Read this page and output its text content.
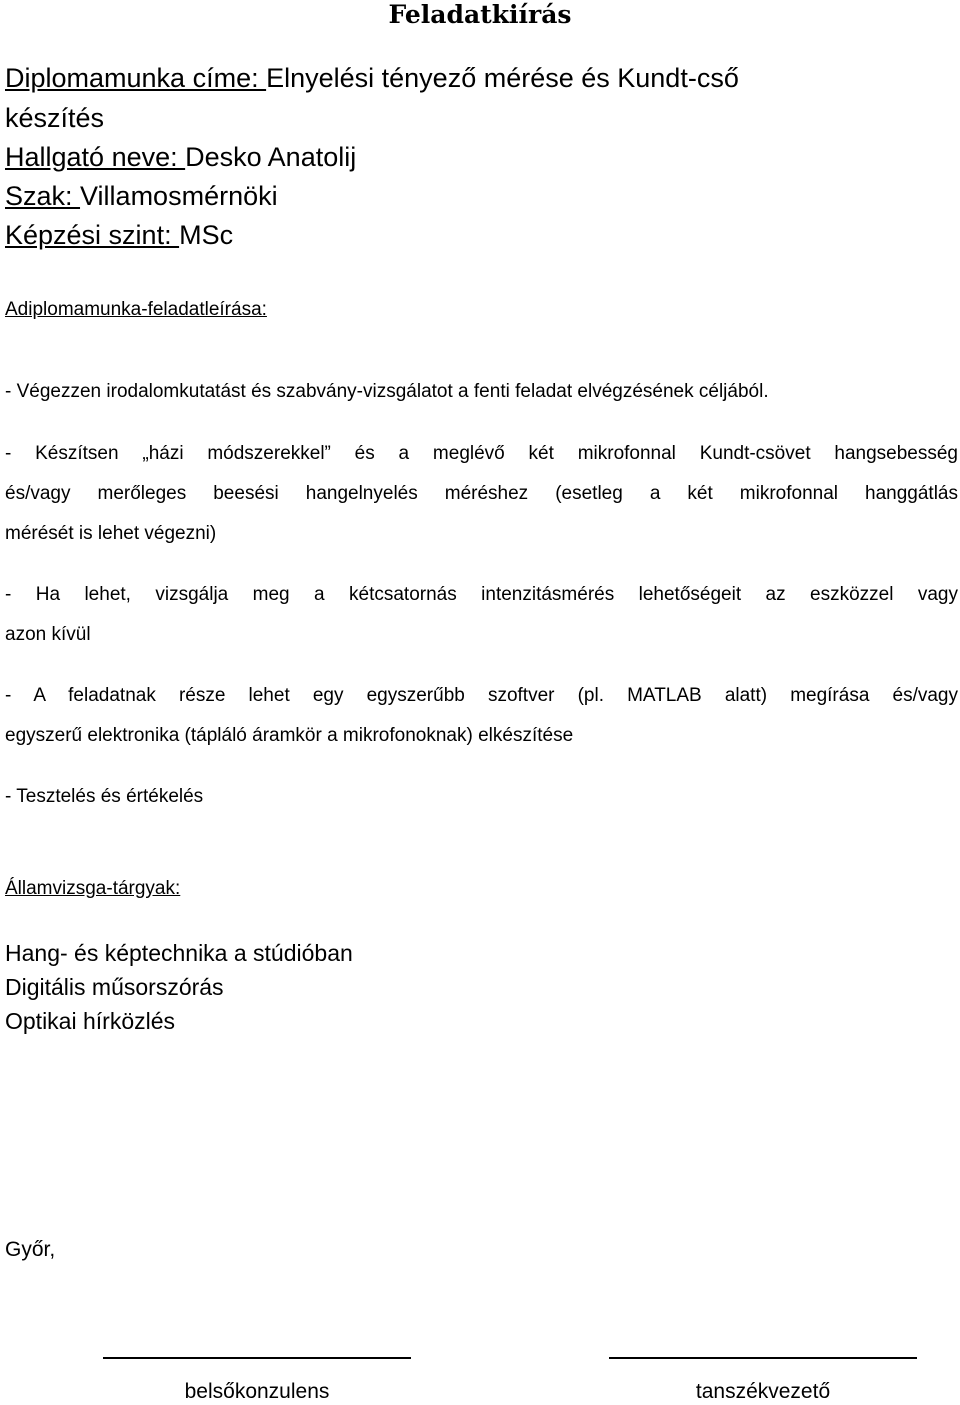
Feladatkiírás
Diplomamunka címe: Elnyelési tényező mérése és Kundt-cső
készítés
Hallgató neve: Desko Anatolij
Szak: Villamosmérnöki
Képzési szint: MSc
Adiplomamunka-feladatleírása:
- Végezzen irodalomkutatást és szabvány-vizsgálatot a fenti feladat elvégzésének céljából.
- Készítsen „házi módszerekkel” és a meglévő két mikrofonnal Kundt-csövet hangsebesség
és/vagy merőleges beesési hangelnyelés méréshez (esetleg a két mikrofonnal hanggátlás
mérését is lehet végezni)
- Ha lehet, vizsgálja meg a kétcsatornás intenzitásmérés lehetőségeit az eszközzel vagy
azon kívül
- A feladatnak része lehet egy egyszerűbb szoftver (pl. MATLAB alatt) megírása és/vagy
egyszerű elektronika (tápláló áramkör a mikrofonoknak) elkészítése
- Tesztelés és értékelés
Államvizsga-tárgyak:
Hang- és képtechnika a stúdióban
Digitális műsorszórás
Optikai hírközlés
Győr,
belsőkonzulens	tanszékvezető
